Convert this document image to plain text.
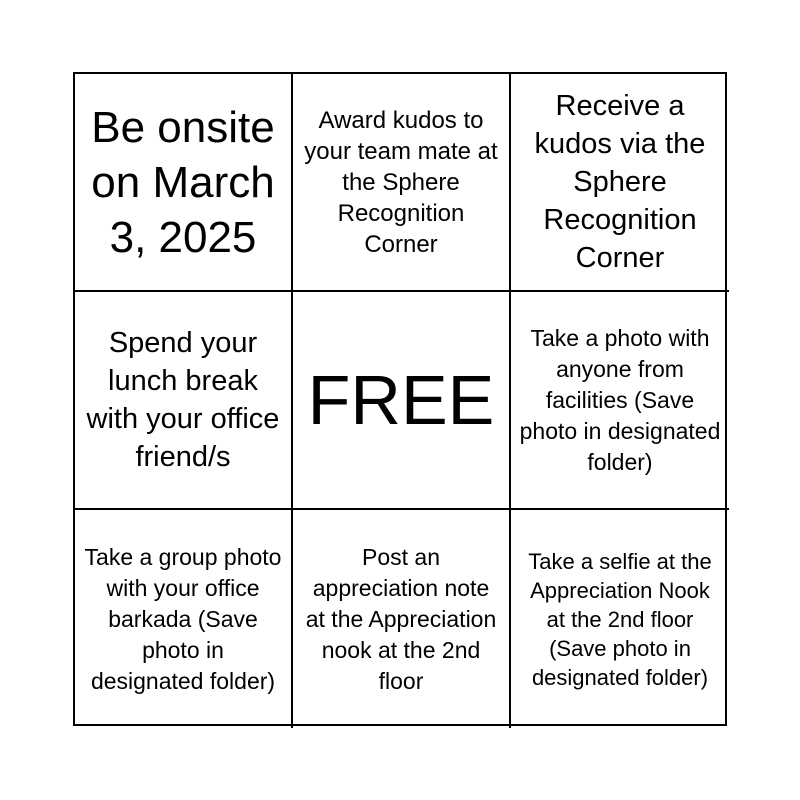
Be onsite on March 3, 2025
Award kudos to your team mate at the Sphere Recognition Corner
Receive a kudos via the Sphere Recognition Corner
Spend your lunch break with your office friend/s
FREE
Take a photo with anyone from facilities (Save photo in designated folder)
Take a group photo with your office barkada (Save photo in designated folder)
Post an appreciation note at the Appreciation nook at the 2nd floor
Take a selfie at the Appreciation Nook at the 2nd floor (Save photo in designated folder)
